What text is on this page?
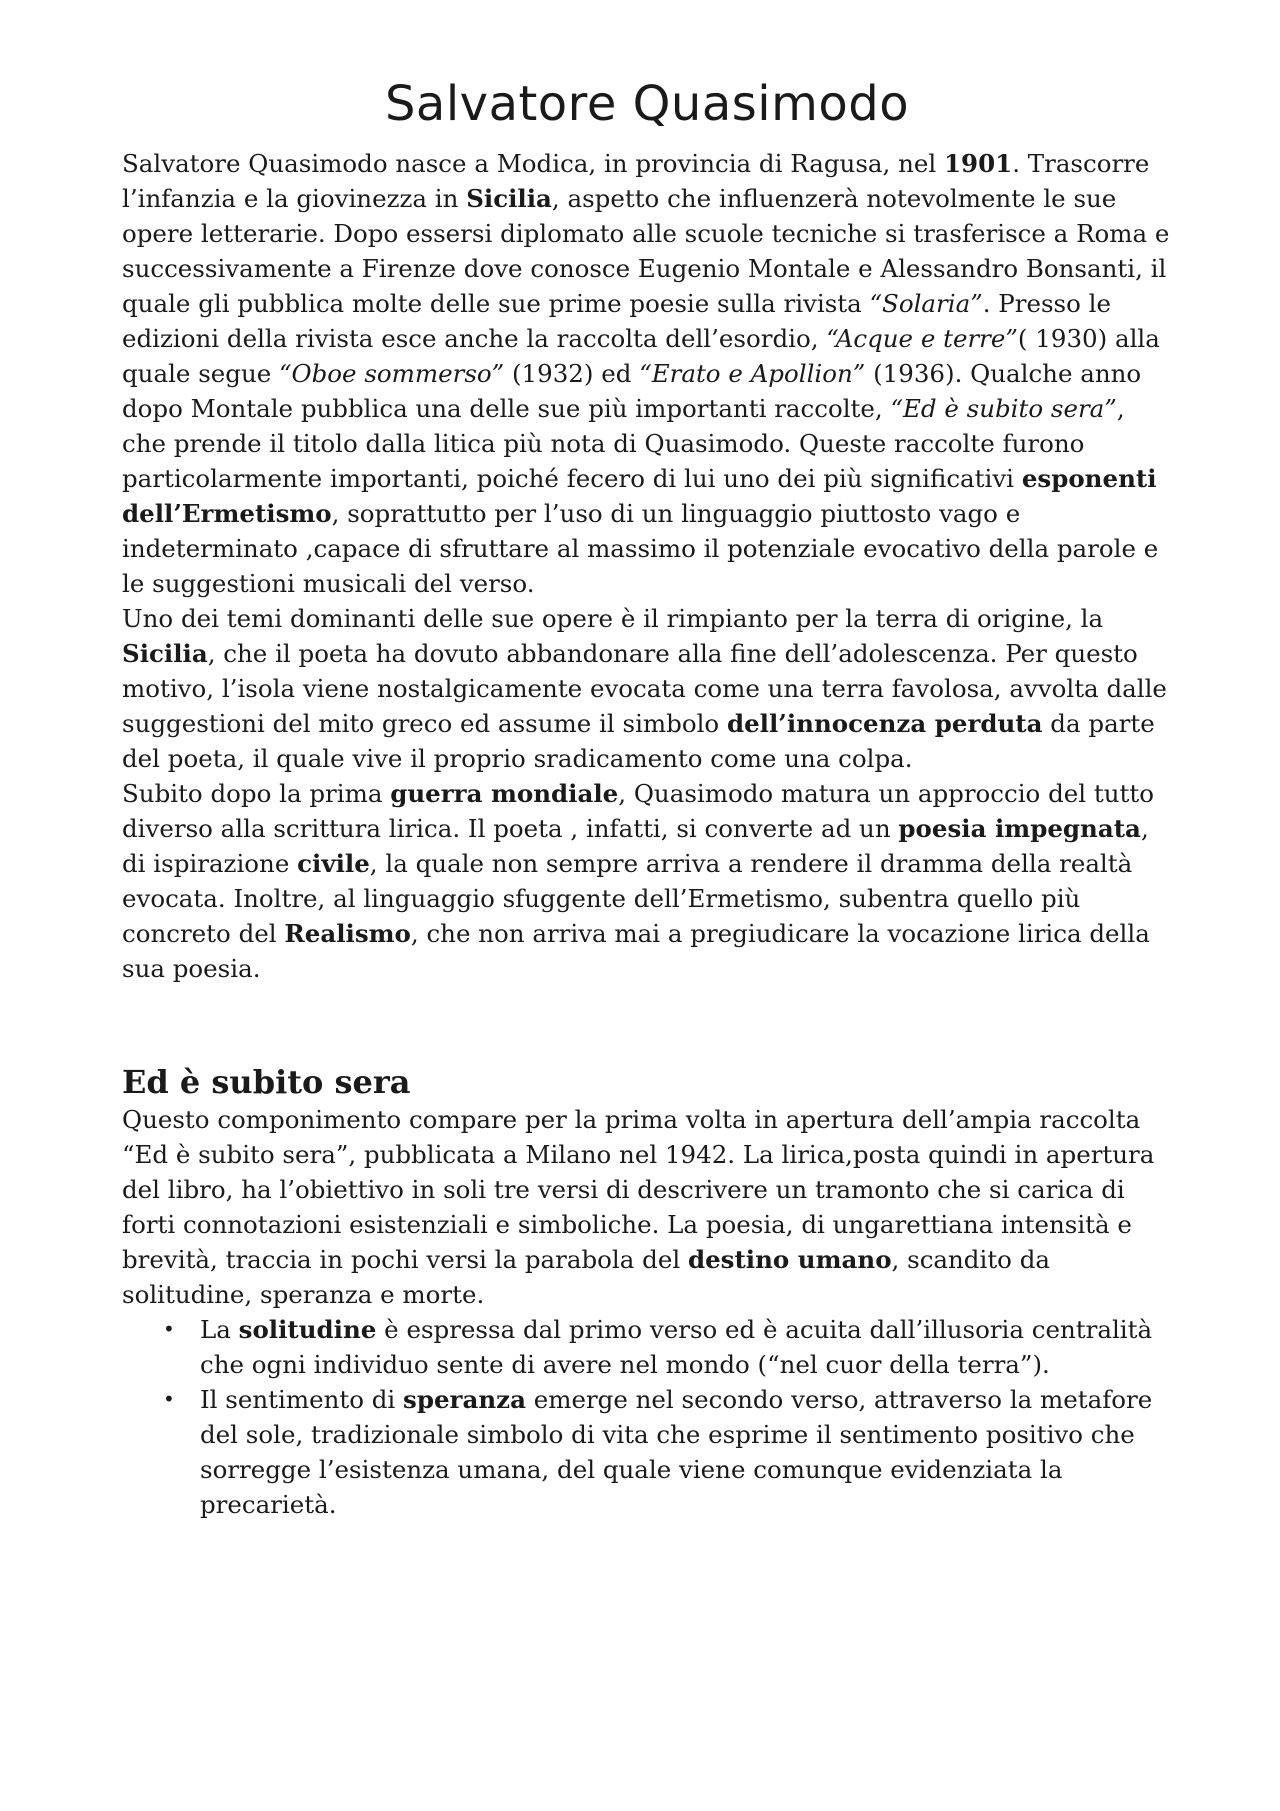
Salvatore Quasimodo

Salvatore Quasimodo nasce a Modica, in provincia di Ragusa, nel 1901. Trascorre l’infanzia e la giovinezza in Sicilia, aspetto che influenzerà notevolmente le sue opere letterarie. Dopo essersi diplomato alle scuole tecniche si trasferisce a Roma e successivamente a Firenze dove conosce Eugenio Montale e Alessandro Bonsanti, il quale gli pubblica molte delle sue prime poesie sulla rivista “Solaria”. Presso le edizioni della rivista esce anche la raccolta dell’esordio, “Acque e terre”( 1930) alla quale segue “Oboe sommerso” (1932) ed “Erato e Apollion” (1936). Qualche anno dopo Montale pubblica una delle sue più importanti raccolte, “Ed è subito sera”, che prende il titolo dalla litica più nota di Quasimodo. Queste raccolte furono particolarmente importanti, poiché fecero di lui uno dei più significativi esponenti dell’Ermetismo, soprattutto per l’uso di un linguaggio piuttosto vago e indeterminato ,capace di sfruttare al massimo il potenziale evocativo della parole e le suggestioni musicali del verso.

Uno dei temi dominanti delle sue opere è il rimpianto per la terra di origine, la Sicilia, che il poeta ha dovuto abbandonare alla fine dell’adolescenza. Per questo motivo, l’isola viene nostalgicamente evocata come una terra favolosa, avvolta dalle suggestioni del mito greco ed assume il simbolo dell’innocenza perduta da parte del poeta, il quale vive il proprio sradicamento come una colpa.

Subito dopo la prima guerra mondiale, Quasimodo matura un approccio del tutto diverso alla scrittura lirica. Il poeta , infatti, si converte ad un poesia impegnata, di ispirazione civile, la quale non sempre arriva a rendere il dramma della realtà evocata. Inoltre, al linguaggio sfuggente dell’Ermetismo, subentra quello più concreto del Realismo, che non arriva mai a pregiudicare la vocazione lirica della sua poesia.

Ed è subito sera

Questo componimento compare per la prima volta in apertura dell’ampia raccolta “Ed è subito sera”, pubblicata a Milano nel 1942. La lirica,posta quindi in apertura del libro, ha l’obiettivo in soli tre versi di descrivere un tramonto che si carica di forti connotazioni esistenziali e simboliche. La poesia, di ungarettiana intensità e brevità, traccia in pochi versi la parabola del destino umano, scandito da solitudine, speranza e morte.

• La solitudine è espressa dal primo verso ed è acuita dall’illusoria centralità che ogni individuo sente di avere nel mondo (“nel cuor della terra”).
• Il sentimento di speranza emerge nel secondo verso, attraverso la metafore del sole, tradizionale simbolo di vita che esprime il sentimento positivo che sorregge l’esistenza umana, del quale viene comunque evidenziata la precarietà.
